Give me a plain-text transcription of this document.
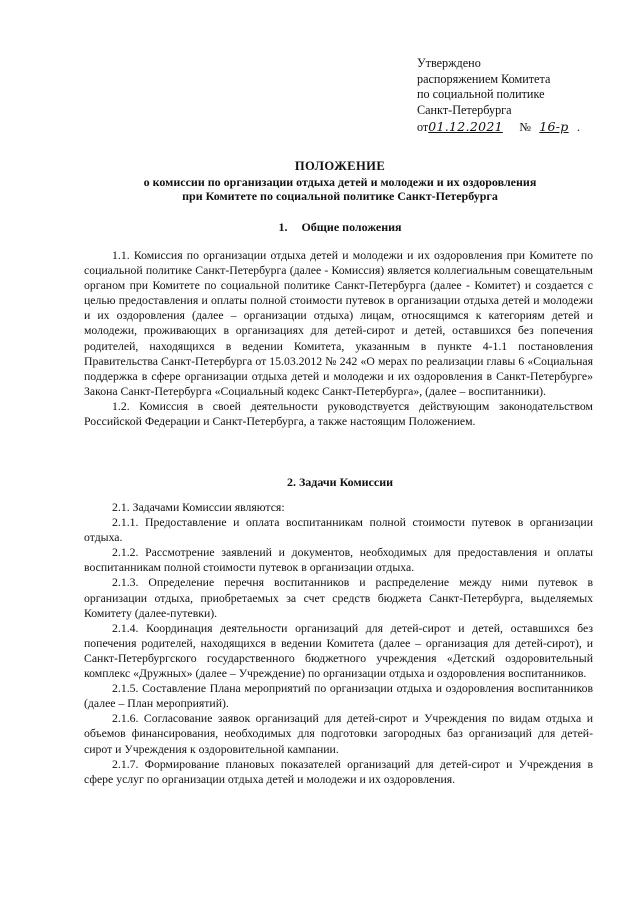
Утверждено
распоряжением Комитета
по социальной политике
Санкт-Петербурга
от01.12.2021 № 16-р .
ПОЛОЖЕНИЕ
о комиссии по организации отдыха детей и молодежи и их оздоровления
при Комитете по социальной политике Санкт-Петербурга
1. Общие положения

1.1. Комиссия по организации отдыха детей и молодежи и их оздоровления при Комитете по социальной политике Санкт-Петербурга (далее - Комиссия) является коллегиальным совещательным органом при Комитете по социальной политике Санкт-Петербурга (далее - Комитет) и создается с целью предоставления и оплаты полной стоимости путевок в организации отдыха детей и молодежи и их оздоровления (далее – организации отдыха) лицам, относящимся к категориям детей и молодежи, проживающих в организациях для детей-сирот и детей, оставшихся без попечения родителей, находящихся в ведении Комитета, указанным в пункте 4-1.1 постановления Правительства Санкт-Петербурга от 15.03.2012 № 242 «О мерах по реализации главы 6 «Социальная поддержка в сфере организации отдыха детей и молодежи и их оздоровления в Санкт-Петербурге» Закона Санкт-Петербурга «Социальный кодекс Санкт-Петербурга», (далее – воспитанники).

1.2. Комиссия в своей деятельности руководствуется действующим законодательством Российской Федерации и Санкт-Петербурга, а также настоящим Положением.

2. Задачи Комиссии

2.1. Задачами Комиссии являются:

2.1.1. Предоставление и оплата воспитанникам полной стоимости путевок в организации отдыха.

2.1.2. Рассмотрение заявлений и документов, необходимых для предоставления и оплаты воспитанникам полной стоимости путевок в организации отдыха.

2.1.3. Определение перечня воспитанников и распределение между ними путевок в организации отдыха, приобретаемых за счет средств бюджета Санкт-Петербурга, выделяемых Комитету (далее-путевки).

2.1.4. Координация деятельности организаций для детей-сирот и детей, оставшихся без попечения родителей, находящихся в ведении Комитета (далее – организация для детей-сирот), и Санкт-Петербургского государственного бюджетного учреждения «Детский оздоровительный комплекс «Дружных» (далее – Учреждение) по организации отдыха и оздоровления воспитанников.

2.1.5. Составление Плана мероприятий по организации отдыха и оздоровления воспитанников (далее – План мероприятий).

2.1.6. Согласование заявок организаций для детей-сирот и Учреждения по видам отдыха и объемов финансирования, необходимых для подготовки загородных баз организаций для детей-сирот и Учреждения к оздоровительной кампании.

2.1.7. Формирование плановых показателей организаций для детей-сирот и Учреждения в сфере услуг по организации отдыха детей и молодежи и их оздоровления.
